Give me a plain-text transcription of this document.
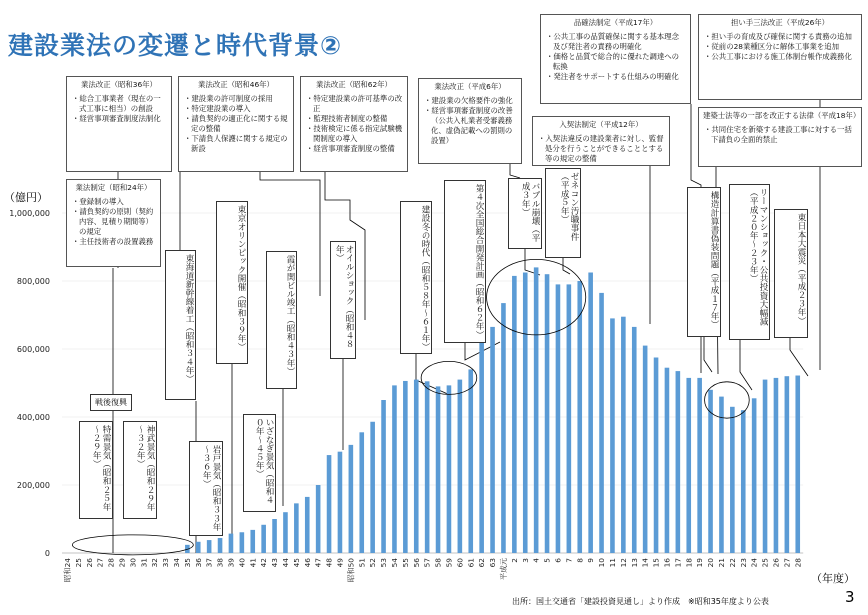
建設業法の変遷と時代背景②
0
200,000
400,000
600,000
800,000
1,000,000
昭和24 25 26 27 28 29 30 31 32 33 34 35 36 37 38 39 40 41 42 43 44 45 46 47 48 49 昭和50 51 52 53 54 55 56 57 58 59 60 61 62 63 平成元 2 3 4 5 6 7 8 9 10 11 12 13 14 15 16 17 18 19 20 21 22 23 24 25 26 27 28
（億円）
（年度）
出所：国土交通省「建設投資見通し」より作成　※昭和35年度より公表	3
業法制定（昭和24年）
・ 登録制の導入
・ 請負契約の原則（契約内容、見積り期間等）の規定
・ 主任技術者の設置義務
業法改正（昭和36年）
・ 総合工事業者（現在の一式工事に相当）の創設
・ 経営事項審査制度法制化
業法改正（昭和46年）
・ 建設業の許可制度の採用
・ 特定建設業の導入
・ 請負契約の適正化に関する規定の整備
・ 下請負人保護に関する規定の新設
業法改正（昭和62年）
・ 特定建設業の許可基準の改正
・ 監理技術者制度の整備
・ 技術検定に係る指定試験機関制度の導入
・ 経営事項審査制度の整備
業法改正（平成6年）
・ 建設業の欠格要件の強化
・ 経営事項審査制度の改善（公共入札業者受審義務化、虚偽記載への罰則の設置）
入契法制定（平成12年）
・ 入契法違反の建設業者に対し、監督処分を行うことができることとする等の規定の整備
品確法制定（平成17年）
・ 公共工事の品質確保に関する基本理念及び発注者の責務の明確化
・ 価格と品質で総合的に優れた調達への転換
・ 発注者をサポートする仕組みの明確化
担い手三法改正（平成26年）
・ 担い手の育成及び確保に関する責務の追加
・ 従前の28業種区分に解体工事業を追加
・ 公共工事における施工体制台帳作成義務化
建築士法等の一部を改正する法律（平成18年）
・ 共同住宅を新築する建設工事に対する一括下請負の全面的禁止
戦後復興
特需景気（昭和２５年～２９年）	神武景気（昭和２９年～３２年）
東海道新幹線着工（昭和３４年）
岩戸景気（昭和３３年～３６年）
東京オリンピック開催（昭和３９年）
いざなぎ景気（昭和４０年～４５年）
霞が関ビル竣工（昭和４３年）	オイルショック（昭和４８年）	建設冬の時代（昭和５８年～６１年）	第４次全国総合開発計画（昭和６２年）	バブル崩壊（平成３年）	ゼネコン汚職事件（平成５年）	構造計算書偽装問題（平成１７年）	リーマンショック・公共投資大幅減（平成２０年～２３年）	東日本大震災（平成２３年）
